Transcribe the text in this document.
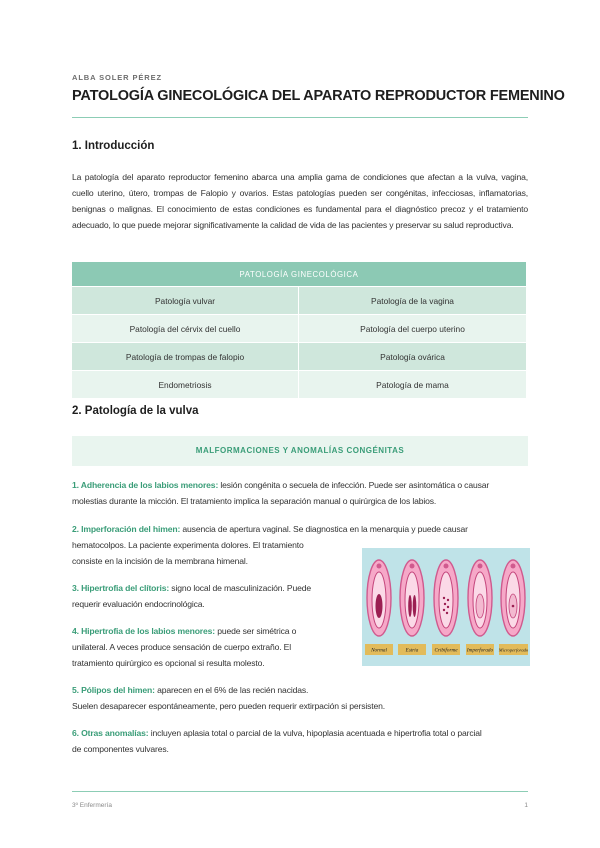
ALBA SOLER PÉREZ
PATOLOGÍA GINECOLÓGICA DEL APARATO REPRODUCTOR FEMENINO
1. Introducción
La patología del aparato reproductor femenino abarca una amplia gama de condiciones que afectan a la vulva, vagina, cuello uterino, útero, trompas de Falopio y ovarios. Estas patologías pueden ser congénitas, infecciosas, inflamatorias, benignas o malignas. El conocimiento de estas condiciones es fundamental para el diagnóstico precoz y el tratamiento adecuado, lo que puede mejorar significativamente la calidad de vida de las pacientes y preservar su salud reproductiva.
PATOLOGÍA GINECOLÓGICA	
Patología vulvar	Patología de la vagina
Patología del cérvix del cuello	Patología del cuerpo uterino
Patología de trompas de falopio	Patología ovárica
Endometriosis	Patología de mama
2. Patología de la vulva
MALFORMACIONES Y ANOMALÍAS CONGÉNITAS
1. Adherencia de los labios menores: lesión congénita o secuela de infección. Puede ser asintomática o causar
molestias durante la micción. El tratamiento implica la separación manual o quirúrgica de los labios.
2. Imperforación del himen: ausencia de apertura vaginal. Se diagnostica en la menarquia y puede causar
hematocolpos. La paciente experimenta dolores. El tratamiento
consiste en la incisión de la membrana himenal.
3. Hipertrofia del clítoris: signo local de masculinización. Puede
requerir evaluación endocrinológica.
4. Hipertrofia de los labios menores: puede ser simétrica o
unilateral. A veces produce sensación de cuerpo extraño. El
tratamiento quirúrgico es opcional si resulta molesto.
5. Pólipos del himen: aparecen en el 6% de las recién nacidas.
Suelen desaparecer espontáneamente, pero pueden requerir extirpación si persisten.
6. Otras anomalías: incluyen aplasia total o parcial de la vulva, hipoplasia acentuada e hipertrofia total o parcial
de componentes vulvares.
Normal	Estria	Cribiforme Imperforado Microperforado
3º Enfermería	1
